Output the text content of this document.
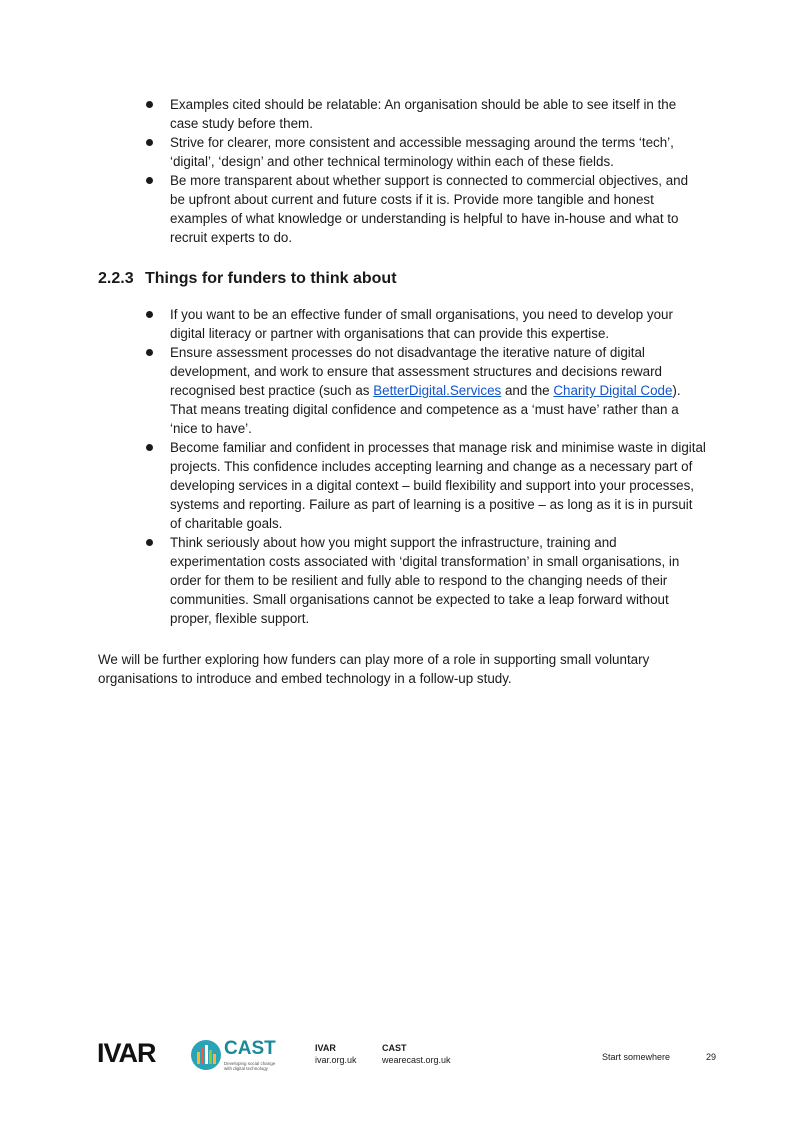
Examples cited should be relatable: An organisation should be able to see itself in the case study before them.
Strive for clearer, more consistent and accessible messaging around the terms ‘tech’, ‘digital’, ‘design’ and other technical terminology within each of these fields.
Be more transparent about whether support is connected to commercial objectives, and be upfront about current and future costs if it is. Provide more tangible and honest examples of what knowledge or understanding is helpful to have in-house and what to recruit experts to do.
2.2.3 Things for funders to think about
If you want to be an effective funder of small organisations, you need to develop your digital literacy or partner with organisations that can provide this expertise.
Ensure assessment processes do not disadvantage the iterative nature of digital development, and work to ensure that assessment structures and decisions reward recognised best practice (such as BetterDigital.Services and the Charity Digital Code). That means treating digital confidence and competence as a ‘must have’ rather than a ‘nice to have’.
Become familiar and confident in processes that manage risk and minimise waste in digital projects. This confidence includes accepting learning and change as a necessary part of developing services in a digital context – build flexibility and support into your processes, systems and reporting. Failure as part of learning is a positive – as long as it is in pursuit of charitable goals.
Think seriously about how you might support the infrastructure, training and experimentation costs associated with ‘digital transformation’ in small organisations, in order for them to be resilient and fully able to respond to the changing needs of their communities. Small organisations cannot be expected to take a leap forward without proper, flexible support.

We will be further exploring how funders can play more of a role in supporting small voluntary organisations to introduce and embed technology in a follow-up study.

IVAR	CAST
Developing social change with digital technology
IVAR
ivar.org.uk
CAST
wearecast.org.uk	Start somewhere	29
